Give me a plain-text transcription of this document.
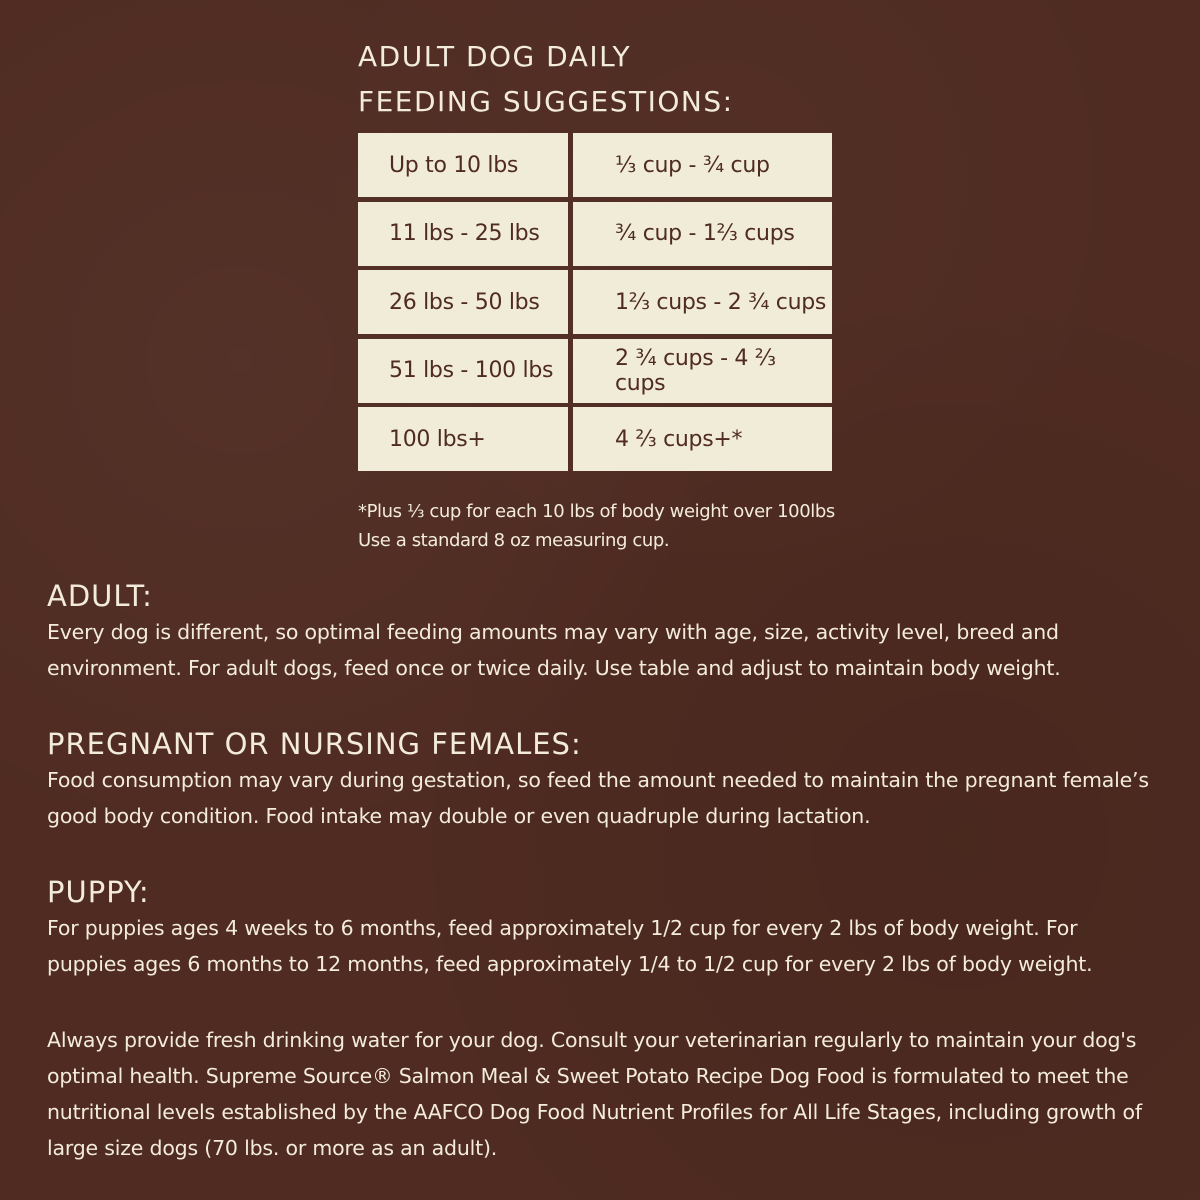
ADULT DOG DAILY
FEEDING SUGGESTIONS:
Up to 10 lbs	⅓ cup - ¾ cup
11 lbs - 25 lbs	¾ cup - 1⅔ cups
26 lbs - 50 lbs	1⅔ cups - 2 ¾ cups
51 lbs - 100 lbs	2 ¾ cups - 4 ⅔ cups
100 lbs+	4 ⅔ cups+*
*Plus ⅓ cup for each 10 lbs of body weight over 100lbs
Use a standard 8 oz measuring cup.
ADULT:

Every dog is different, so optimal feeding amounts may vary with age, size, activity level, breed and environment. For adult dogs, feed once or twice daily. Use table and adjust to maintain body weight.

PREGNANT OR NURSING FEMALES:

Food consumption may vary during gestation, so feed the amount needed to maintain the pregnant female’s good body condition. Food intake may double or even quadruple during lactation.

PUPPY:

For puppies ages 4 weeks to 6 months, feed approximately 1/2 cup for every 2 lbs of body weight. For puppies ages 6 months to 12 months, feed approximately 1/4 to 1/2 cup for every 2 lbs of body weight.

Always provide fresh drinking water for your dog. Consult your veterinarian regularly to maintain your dog's optimal health. Supreme Source® Salmon Meal & Sweet Potato Recipe Dog Food is formulated to meet the nutritional levels established by the AAFCO Dog Food Nutrient Profiles for All Life Stages, including growth of large size dogs (70 lbs. or more as an adult).
